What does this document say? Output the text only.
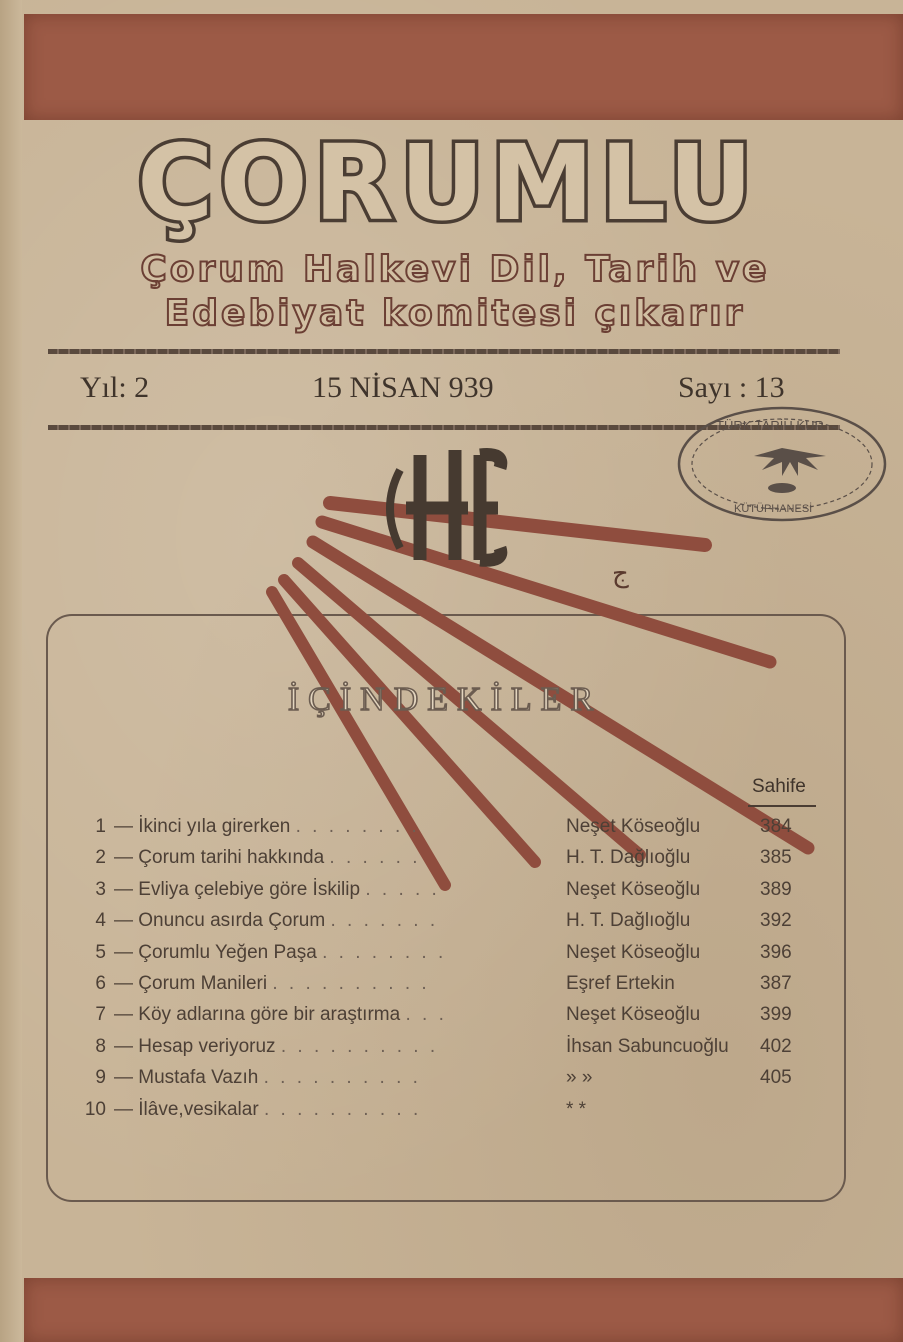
ÇORUMLU
Çorum Halkevi Dil, Tarih ve
Edebiyat komitesi çıkarır
Yıl: 2	15 NİSAN 939	Sayı : 13
ج
TÜRK TARİH KUR.
KÜTÜPHANESİ
İÇİNDEKİLER
Sahife
1 — İkinci yıla girerken . . . . . . . .	Neşet Köseoğlu	384
2 — Çorum tarihi hakkında . . . . . .	H. T. Dağlıoğlu	385
3 — Evliya çelebiye göre İskilip . . . . .	Neşet Köseoğlu	389
4 — Onuncu asırda Çorum . . . . . . .	H. T. Dağlıoğlu	392
5 — Çorumlu Yeğen Paşa . . . . . . . .	Neşet Köseoğlu	396
6 — Çorum Manileri . . . . . . . . . .	Eşref Ertekin	387
7 — Köy adlarına göre bir araştırma . . .	Neşet Köseoğlu	399
8 — Hesap veriyoruz . . . . . . . . . .	İhsan Sabuncuoğlu	402
9 — Mustafa Vazıh . . . . . . . . . .	» »	405
10 — İlâve,vesikalar . . . . . . . . . .	* *
